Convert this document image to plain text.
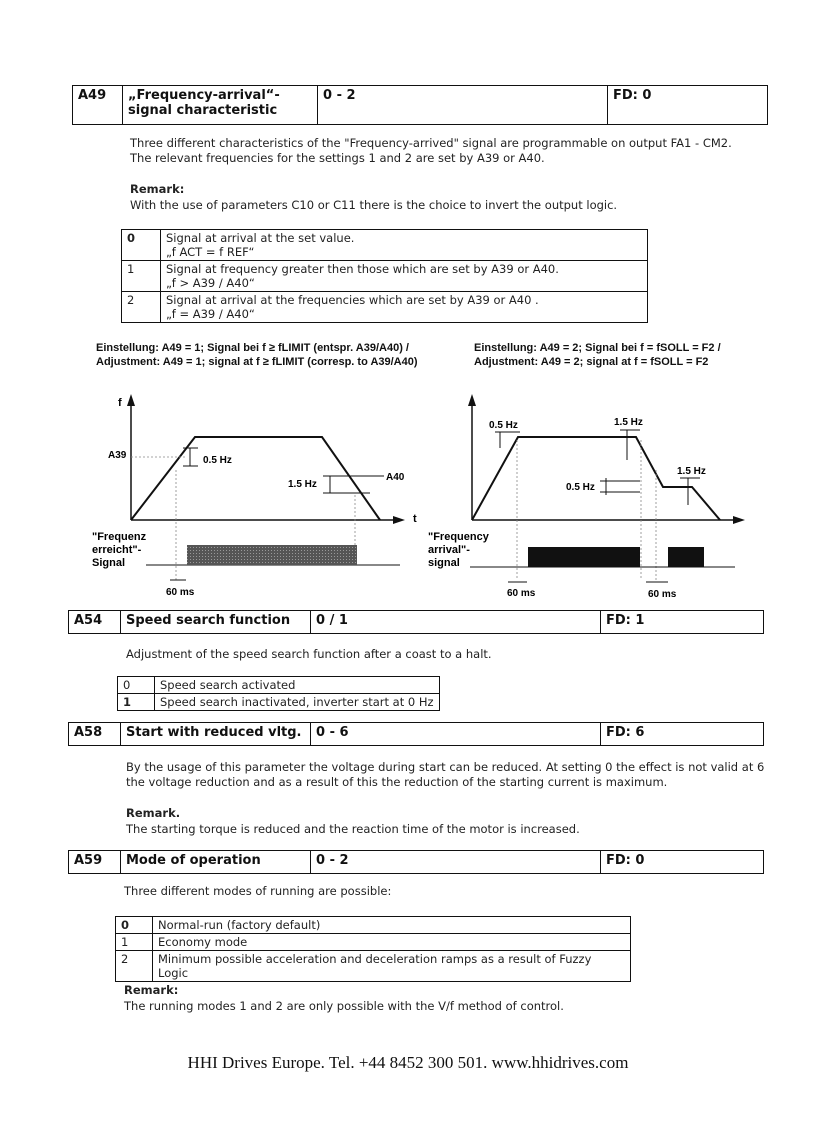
A49	„Frequency-arrival“-
signal characteristic
0 - 2	FD: 0
Three different characteristics of the "Frequency-arrived" signal are programmable on output FA1 - CM2.
The relevant frequencies for the settings 1 and 2 are set by A39 or A40.
Remark:
With the use of parameters C10 or C11 there is the choice to invert the output logic.
0	Signal at arrival at the set value.
„f ACT = f REF“

1	Signal at frequency greater then those which are set by A39 or A40.
„f > A39 / A40“

2	Signal at arrival at the frequencies which are set by A39 or A40 .
„f = A39 / A40“
Einstellung: A49 = 1; Signal bei f ≥ fLIMIT (entspr. A39/A40) /
Adjustment: A49 = 1; signal at f ≥ fLIMIT (corresp. to A39/A40)
Einstellung: A49 = 2; Signal bei f = fSOLL = F2 /
Adjustment: A49 = 2; signal at f = fSOLL = F2
f
t
A39	0.5 Hz
A40
1.5 Hz
"Frequenz
erreicht"-
Signal
60 ms
0.5 Hz	1.5 Hz
1.5 Hz
0.5 Hz
"Frequency
arrival"-
signal
60 ms	60 ms
A54	Speed search function	0 / 1	FD: 1
Adjustment of the speed search function after a coast to a halt.
0	Speed search activated
1	Speed search inactivated, inverter start at 0 Hz
A58	Start with reduced vltg.	0 - 6	FD: 6
By the usage of this parameter the voltage during start can be reduced. At setting 0 the effect is not valid at 6
the voltage reduction and as a result of this the reduction of the starting current is maximum.
Remark.
The starting torque is reduced and the reaction time of the motor is increased.
A59	Mode of operation	0 - 2	FD: 0
Three different modes of running are possible:
0	Normal-run (factory default)
1	Economy mode
2	Minimum possible acceleration and deceleration ramps as a result of Fuzzy Logic
Remark:
The running modes 1 and 2 are only possible with the V/f method of control.
HHI Drives Europe. Tel. +44 8452 300 501. www.hhidrives.com
